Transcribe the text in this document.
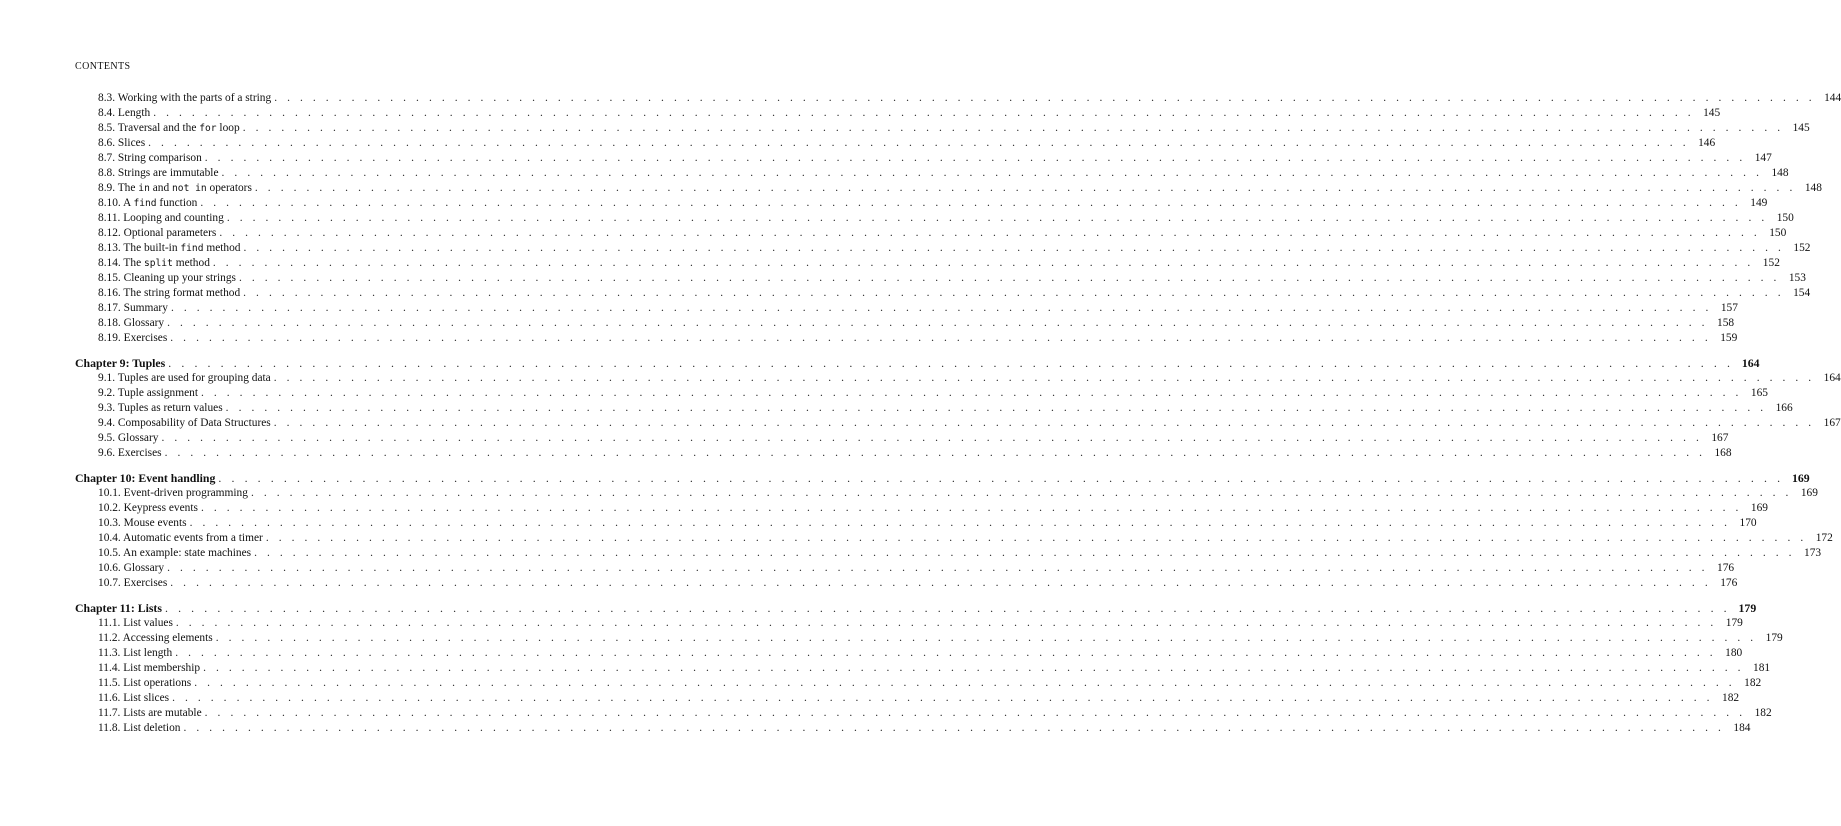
CONTENTS
8.3. Working with the parts of a string . . . . . . . . . . . . . . . . . . . . . . . . . . . . . . . . . . . . . . . . . . . . . . . . . . . . . . . . . . . . . . . . . . . . . . . . . . . . . . . . . . . . . . . . . . . . . . . . . . . . . . . . . . . . . . . . . . . . . . . . 144
8.4. Length . . . . . . . . . . . . . . . . . . . . . . . . . . . . . . . . . . . . . . . . . . . . . . . . . . . . . . . . . . . . . . . . . . . . . . . . . . . . . . . . . . . . . . . . . . . . . . . . . . . . . . . . . . . . . . . . . . . . . . . . 145
8.5. Traversal and the for loop . . . . . . . . . . . . . . . . . . . . . . . . . . . . . . . . . . . . . . . . . . . . . . . . . . . . . . . . . . . . . . . . . . . . . . . . . . . . . . . . . . . . . . . . . . . . . . . . . . . . . . . . . . . . . . . . . . . . . . . . 145
8.6. Slices . . . . . . . . . . . . . . . . . . . . . . . . . . . . . . . . . . . . . . . . . . . . . . . . . . . . . . . . . . . . . . . . . . . . . . . . . . . . . . . . . . . . . . . . . . . . . . . . . . . . . . . . . . . . . . . . . . . . . . . . 146
8.7. String comparison . . . . . . . . . . . . . . . . . . . . . . . . . . . . . . . . . . . . . . . . . . . . . . . . . . . . . . . . . . . . . . . . . . . . . . . . . . . . . . . . . . . . . . . . . . . . . . . . . . . . . . . . . . . . . . . . . . . . . . . . 147
8.8. Strings are immutable . . . . . . . . . . . . . . . . . . . . . . . . . . . . . . . . . . . . . . . . . . . . . . . . . . . . . . . . . . . . . . . . . . . . . . . . . . . . . . . . . . . . . . . . . . . . . . . . . . . . . . . . . . . . . . . . . . . . . . . . 148
8.9. The in and not in operators . . . . . . . . . . . . . . . . . . . . . . . . . . . . . . . . . . . . . . . . . . . . . . . . . . . . . . . . . . . . . . . . . . . . . . . . . . . . . . . . . . . . . . . . . . . . . . . . . . . . . . . . . . . . . . . . . . . . . . . . 148
8.10. A find function . . . . . . . . . . . . . . . . . . . . . . . . . . . . . . . . . . . . . . . . . . . . . . . . . . . . . . . . . . . . . . . . . . . . . . . . . . . . . . . . . . . . . . . . . . . . . . . . . . . . . . . . . . . . . . . . . . . . . . . . 149
8.11. Looping and counting . . . . . . . . . . . . . . . . . . . . . . . . . . . . . . . . . . . . . . . . . . . . . . . . . . . . . . . . . . . . . . . . . . . . . . . . . . . . . . . . . . . . . . . . . . . . . . . . . . . . . . . . . . . . . . . . . . . . . . . . 150
8.12. Optional parameters . . . . . . . . . . . . . . . . . . . . . . . . . . . . . . . . . . . . . . . . . . . . . . . . . . . . . . . . . . . . . . . . . . . . . . . . . . . . . . . . . . . . . . . . . . . . . . . . . . . . . . . . . . . . . . . . . . . . . . . . 150
8.13. The built-in find method . . . . . . . . . . . . . . . . . . . . . . . . . . . . . . . . . . . . . . . . . . . . . . . . . . . . . . . . . . . . . . . . . . . . . . . . . . . . . . . . . . . . . . . . . . . . . . . . . . . . . . . . . . . . . . . . . . . . . . . . 152
8.14. The split method . . . . . . . . . . . . . . . . . . . . . . . . . . . . . . . . . . . . . . . . . . . . . . . . . . . . . . . . . . . . . . . . . . . . . . . . . . . . . . . . . . . . . . . . . . . . . . . . . . . . . . . . . . . . . . . . . . . . . . . . 152
8.15. Cleaning up your strings . . . . . . . . . . . . . . . . . . . . . . . . . . . . . . . . . . . . . . . . . . . . . . . . . . . . . . . . . . . . . . . . . . . . . . . . . . . . . . . . . . . . . . . . . . . . . . . . . . . . . . . . . . . . . . . . . . . . . . . . 153
8.16. The string format method . . . . . . . . . . . . . . . . . . . . . . . . . . . . . . . . . . . . . . . . . . . . . . . . . . . . . . . . . . . . . . . . . . . . . . . . . . . . . . . . . . . . . . . . . . . . . . . . . . . . . . . . . . . . . . . . . . . . . . . . 154
8.17. Summary . . . . . . . . . . . . . . . . . . . . . . . . . . . . . . . . . . . . . . . . . . . . . . . . . . . . . . . . . . . . . . . . . . . . . . . . . . . . . . . . . . . . . . . . . . . . . . . . . . . . . . . . . . . . . . . . . . . . . . . . 157
8.18. Glossary . . . . . . . . . . . . . . . . . . . . . . . . . . . . . . . . . . . . . . . . . . . . . . . . . . . . . . . . . . . . . . . . . . . . . . . . . . . . . . . . . . . . . . . . . . . . . . . . . . . . . . . . . . . . . . . . . . . . . . . . 158
8.19. Exercises . . . . . . . . . . . . . . . . . . . . . . . . . . . . . . . . . . . . . . . . . . . . . . . . . . . . . . . . . . . . . . . . . . . . . . . . . . . . . . . . . . . . . . . . . . . . . . . . . . . . . . . . . . . . . . . . . . . . . . . . 159
Chapter 9: Tuples . . . . . . . . . . . . . . . . . . . . . . . . . . . . . . . . . . . . . . . . . . . . . . . . . . . . . . . . . . . . . . . . . . . . . . . . . . . . . . . . . . . . . . . . . . . . . . . . . . . . . . . . . . . . . . . . . . . . . . . . 164
9.1. Tuples are used for grouping data . . . . . . . . . . . . . . . . . . . . . . . . . . . . . . . . . . . . . . . . . . . . . . . . . . . . . . . . . . . . . . . . . . . . . . . . . . . . . . . . . . . . . . . . . . . . . . . . . . . . . . . . . . . . . . . . . . . . . . . . 164
9.2. Tuple assignment . . . . . . . . . . . . . . . . . . . . . . . . . . . . . . . . . . . . . . . . . . . . . . . . . . . . . . . . . . . . . . . . . . . . . . . . . . . . . . . . . . . . . . . . . . . . . . . . . . . . . . . . . . . . . . . . . . . . . . . . 165
9.3. Tuples as return values . . . . . . . . . . . . . . . . . . . . . . . . . . . . . . . . . . . . . . . . . . . . . . . . . . . . . . . . . . . . . . . . . . . . . . . . . . . . . . . . . . . . . . . . . . . . . . . . . . . . . . . . . . . . . . . . . . . . . . . . 166
9.4. Composability of Data Structures . . . . . . . . . . . . . . . . . . . . . . . . . . . . . . . . . . . . . . . . . . . . . . . . . . . . . . . . . . . . . . . . . . . . . . . . . . . . . . . . . . . . . . . . . . . . . . . . . . . . . . . . . . . . . . . . . . . . . . . . 167
9.5. Glossary . . . . . . . . . . . . . . . . . . . . . . . . . . . . . . . . . . . . . . . . . . . . . . . . . . . . . . . . . . . . . . . . . . . . . . . . . . . . . . . . . . . . . . . . . . . . . . . . . . . . . . . . . . . . . . . . . . . . . . . . 167
9.6. Exercises . . . . . . . . . . . . . . . . . . . . . . . . . . . . . . . . . . . . . . . . . . . . . . . . . . . . . . . . . . . . . . . . . . . . . . . . . . . . . . . . . . . . . . . . . . . . . . . . . . . . . . . . . . . . . . . . . . . . . . . . 168
Chapter 10: Event handling . . . . . . . . . . . . . . . . . . . . . . . . . . . . . . . . . . . . . . . . . . . . . . . . . . . . . . . . . . . . . . . . . . . . . . . . . . . . . . . . . . . . . . . . . . . . . . . . . . . . . . . . . . . . . . . . . . . . . . . . 169
10.1. Event-driven programming . . . . . . . . . . . . . . . . . . . . . . . . . . . . . . . . . . . . . . . . . . . . . . . . . . . . . . . . . . . . . . . . . . . . . . . . . . . . . . . . . . . . . . . . . . . . . . . . . . . . . . . . . . . . . . . . . . . . . . . . 169
10.2. Keypress events . . . . . . . . . . . . . . . . . . . . . . . . . . . . . . . . . . . . . . . . . . . . . . . . . . . . . . . . . . . . . . . . . . . . . . . . . . . . . . . . . . . . . . . . . . . . . . . . . . . . . . . . . . . . . . . . . . . . . . . . 169
10.3. Mouse events . . . . . . . . . . . . . . . . . . . . . . . . . . . . . . . . . . . . . . . . . . . . . . . . . . . . . . . . . . . . . . . . . . . . . . . . . . . . . . . . . . . . . . . . . . . . . . . . . . . . . . . . . . . . . . . . . . . . . . . . 170
10.4. Automatic events from a timer . . . . . . . . . . . . . . . . . . . . . . . . . . . . . . . . . . . . . . . . . . . . . . . . . . . . . . . . . . . . . . . . . . . . . . . . . . . . . . . . . . . . . . . . . . . . . . . . . . . . . . . . . . . . . . . . . . . . . . . . 172
10.5. An example: state machines . . . . . . . . . . . . . . . . . . . . . . . . . . . . . . . . . . . . . . . . . . . . . . . . . . . . . . . . . . . . . . . . . . . . . . . . . . . . . . . . . . . . . . . . . . . . . . . . . . . . . . . . . . . . . . . . . . . . . . . . 173
10.6. Glossary . . . . . . . . . . . . . . . . . . . . . . . . . . . . . . . . . . . . . . . . . . . . . . . . . . . . . . . . . . . . . . . . . . . . . . . . . . . . . . . . . . . . . . . . . . . . . . . . . . . . . . . . . . . . . . . . . . . . . . . . 176
10.7. Exercises . . . . . . . . . . . . . . . . . . . . . . . . . . . . . . . . . . . . . . . . . . . . . . . . . . . . . . . . . . . . . . . . . . . . . . . . . . . . . . . . . . . . . . . . . . . . . . . . . . . . . . . . . . . . . . . . . . . . . . . . 176
Chapter 11: Lists . . . . . . . . . . . . . . . . . . . . . . . . . . . . . . . . . . . . . . . . . . . . . . . . . . . . . . . . . . . . . . . . . . . . . . . . . . . . . . . . . . . . . . . . . . . . . . . . . . . . . . . . . . . . . . . . . . . . . . . . 179
11.1. List values . . . . . . . . . . . . . . . . . . . . . . . . . . . . . . . . . . . . . . . . . . . . . . . . . . . . . . . . . . . . . . . . . . . . . . . . . . . . . . . . . . . . . . . . . . . . . . . . . . . . . . . . . . . . . . . . . . . . . . . . 179
11.2. Accessing elements . . . . . . . . . . . . . . . . . . . . . . . . . . . . . . . . . . . . . . . . . . . . . . . . . . . . . . . . . . . . . . . . . . . . . . . . . . . . . . . . . . . . . . . . . . . . . . . . . . . . . . . . . . . . . . . . . . . . . . . . 179
11.3. List length . . . . . . . . . . . . . . . . . . . . . . . . . . . . . . . . . . . . . . . . . . . . . . . . . . . . . . . . . . . . . . . . . . . . . . . . . . . . . . . . . . . . . . . . . . . . . . . . . . . . . . . . . . . . . . . . . . . . . . . . 180
11.4. List membership . . . . . . . . . . . . . . . . . . . . . . . . . . . . . . . . . . . . . . . . . . . . . . . . . . . . . . . . . . . . . . . . . . . . . . . . . . . . . . . . . . . . . . . . . . . . . . . . . . . . . . . . . . . . . . . . . . . . . . . . 181
11.5. List operations . . . . . . . . . . . . . . . . . . . . . . . . . . . . . . . . . . . . . . . . . . . . . . . . . . . . . . . . . . . . . . . . . . . . . . . . . . . . . . . . . . . . . . . . . . . . . . . . . . . . . . . . . . . . . . . . . . . . . . . . 182
11.6. List slices . . . . . . . . . . . . . . . . . . . . . . . . . . . . . . . . . . . . . . . . . . . . . . . . . . . . . . . . . . . . . . . . . . . . . . . . . . . . . . . . . . . . . . . . . . . . . . . . . . . . . . . . . . . . . . . . . . . . . . . . 182
11.7. Lists are mutable . . . . . . . . . . . . . . . . . . . . . . . . . . . . . . . . . . . . . . . . . . . . . . . . . . . . . . . . . . . . . . . . . . . . . . . . . . . . . . . . . . . . . . . . . . . . . . . . . . . . . . . . . . . . . . . . . . . . . . . . 182
11.8. List deletion . . . . . . . . . . . . . . . . . . . . . . . . . . . . . . . . . . . . . . . . . . . . . . . . . . . . . . . . . . . . . . . . . . . . . . . . . . . . . . . . . . . . . . . . . . . . . . . . . . . . . . . . . . . . . . . . . . . . . . . . 184
